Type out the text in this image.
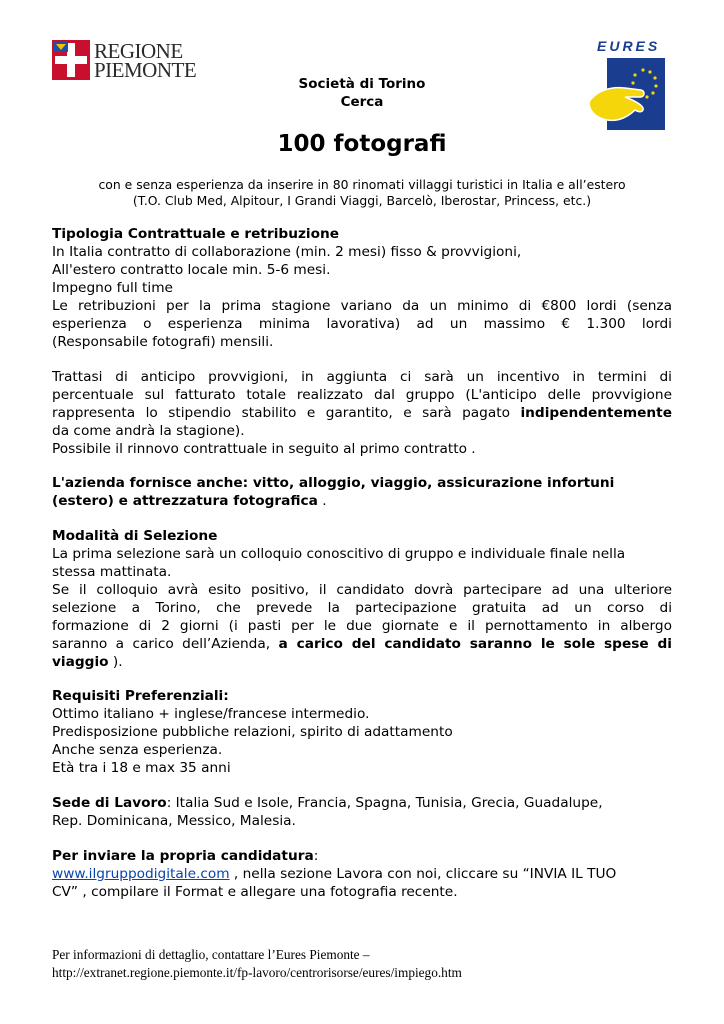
REGIONE
PIEMONTE
EURES
Società di Torino
Cerca
100 fotografi
con e senza esperienza da inserire in 80 rinomati villaggi turistici in Italia e all’estero
(T.O. Club Med, Alpitour, I Grandi Viaggi, Barcelò, Iberostar, Princess, etc.)
Tipologia Contrattuale e retribuzione
In Italia contratto di collaborazione (min. 2 mesi) fisso & provvigioni,
All'estero contratto locale min. 5-6 mesi.
Impegno full time
Le retribuzioni per la prima stagione variano da un minimo di €800 lordi (senza
esperienza o esperienza minima lavorativa) ad un massimo € 1.300 lordi
(Responsabile fotografi) mensili.
Trattasi di anticipo provvigioni, in aggiunta ci sarà un incentivo in termini di
percentuale sul fatturato totale realizzato dal gruppo (L'anticipo delle provvigione
rappresenta lo stipendio stabilito e garantito, e sarà pagato indipendentemente
da come andrà la stagione).
Possibile il rinnovo contrattuale in seguito al primo contratto .
L'azienda fornisce anche: vitto, alloggio, viaggio, assicurazione infortuni
(estero) e attrezzatura fotografica .
Modalità di Selezione
La prima selezione sarà un colloquio conoscitivo di gruppo e individuale finale nella
stessa mattinata.
Se il colloquio avrà esito positivo, il candidato dovrà partecipare ad una ulteriore
selezione a Torino, che prevede la partecipazione gratuita ad un corso di
formazione di 2 giorni (i pasti per le due giornate e il pernottamento in albergo
saranno a carico dell’Azienda, a carico del candidato saranno le sole spese di
viaggio ).
Requisiti Preferenziali:
Ottimo italiano + inglese/francese intermedio.
Predisposizione pubbliche relazioni, spirito di adattamento
Anche senza esperienza.
Età tra i 18 e max 35 anni
Sede di Lavoro: Italia Sud e Isole, Francia, Spagna, Tunisia, Grecia, Guadalupe,
Rep. Dominicana, Messico, Malesia.
Per inviare la propria candidatura:
www.ilgruppodigitale.com , nella sezione Lavora con noi, cliccare su “INVIA IL TUO
CV” , compilare il Format e allegare una fotografia recente.
Per informazioni di dettaglio, contattare l’Eures Piemonte –
http://extranet.regione.piemonte.it/fp-lavoro/centrorisorse/eures/impiego.htm
